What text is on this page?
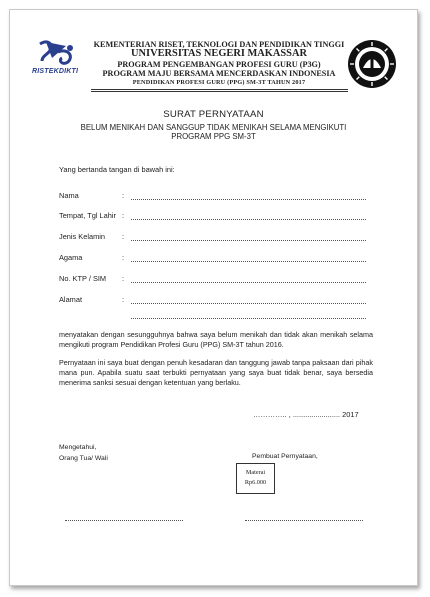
RISTEKDIKTI
KEMENTERIAN RISET, TEKNOLOGI DAN PENDIDIKAN TINGGI
UNIVERSITAS NEGERI MAKASSAR
PROGRAM PENGEMBANGAN PROFESI GURU (P3G)
PROGRAM MAJU BERSAMA MENCERDASKAN INDONESIA
PENDIDIKAN PROFESI GURU (PPG) SM-3T TAHUN 2017
SURAT PERNYATAAN
BELUM MENIKAH DAN SANGGUP TIDAK MENIKAH SELAMA MENGIKUTI
PROGRAM PPG SM-3T
Yang bertanda tangan di bawah ini:
Nama	:
Tempat, Tgl Lahir :
Jenis Kelamin :
Agama	:
No. KTP / SIM :
Alamat	:
menyatakan dengan sesungguhnya bahwa saya belum menikah dan tidak akan menikah selama mengikuti program Pendidikan Profesi Guru (PPG) SM-3T tahun 2016.
Pernyataan ini saya buat dengan penuh kesadaran dan tanggung jawab tanpa paksaan dari pihak mana pun. Apabila suatu saat terbukti pernyataan yang saya buat tidak benar, saya bersedia menerima sanksi sesuai dengan ketentuan yang berlaku.
………….. , ....................... 2017
Mengetahui,
Orang Tua/ Wali	Pembuat Pernyataan,
Materai
Rp6.000
